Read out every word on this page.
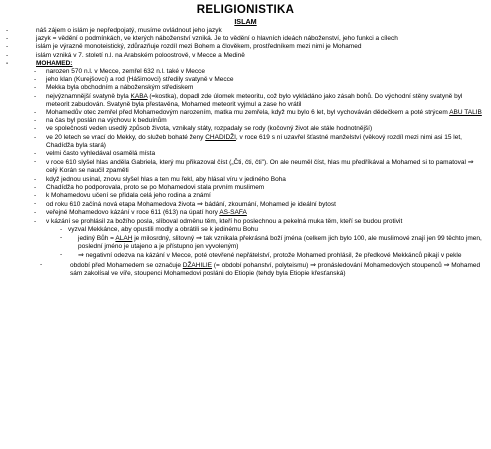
RELIGIONISTIKA
ISLAM
-	náš zájem o islám je nepředpojatý, musíme ovládnout jeho jazyk
-	jazyk = vědění o podmínkách, ve kterých náboženství vzniká. Je to vědění o hlavních ideách náboženství, jeho funkci a cílech
-	islám je výrazně monoteistický, zdůrazňuje rozdíl mezi Bohem a člověkem, prostředníkem mezi nimi je Mohamed
-	islám vzniká v 7. století n.l. na Arabském poloostrově, v Mecce a Medině
-	MOHAMED:
- narozen 570 n.l. v Mecce, zemřel 632 n.l. také v Mecce
- jeho klan (Kurejšovci) a rod (Hášimovci) středily svatyně v Mecce
- Mekka byla obchodním a náboženským střediskem
- nejvýznamnější svatyně byla KABA (=kostka), dopadl zde úlomek meteoritu, což bylo vykládáno jako zásah bohů. Do východní stěny svatyně byl meteorit zabudován. Svatyně byla přestavěna, Mohamed meteorit vyjmul a zase ho vrátil
- Mohamedův otec zemřel před Mohamedovým narozením, matka mu zemřela, když mu bylo 6 let, byl vychováván dědečkem a poté strýcem ABU TALIB
- na čas byl poslán na výchovu k beduínům
- ve společnosti veden usedlý způsob života, vznikaly státy, rozpadaly se rody (kočovný život ale stále hodnotnější)
- ve 20 letech se vrací do Mekky, do služeb bohaté ženy CHADIDŽI, v roce 619 s ní uzavřel šťastné manželství (věkový rozdíl mezi nimi asi 15 let, Chadídža byla stará)
- velmi často vyhledával osamělá místa
- v roce 610 slyšel hlas anděla Gabriela, který mu přikazoval číst („Čti, čti, čti"). On ale neuměl číst, hlas mu předříkával a Mohamed si to pamatoval ⇒ celý Korán se naučil zpaměti
- když jednou usínal, znovu slyšel hlas a ten mu řekl, aby hlásal víru v jediného Boha
- Chadídža ho podporovala, proto se po Mohamedovi stala prvním muslimem
- k Mohamedovu učení se přidala celá jeho rodina a známí
- od roku 610 začíná nová etapa Mohamedova života ⇒ bádání, zkoumání, Mohamed je ideální bytost
- veřejné Mohamedovo kázání v roce 611 (613) na úpatí hory AS-SAFA
- v kázání se prohlásil za božího posla, slíboval odměnu těm, kteří ho poslechnou a pekelná muka těm, kteří se budou protivit
- vyzval Mekkánce, aby opustili modly a obrátili se k jedinému Bohu
- jediný Bůh = ALAH je milosrdný, slitovný ⇒ tak vznikala překrásná boží jména (celkem jich bylo 100, ale muslimové znají jen 99 těchto jmen, poslední jméno je utajeno a je přístupno jen vyvoleným)
- ⇒ negativní odezva na kázání v Mecce, poté otevřené nepřátelství, protože Mohamed prohlásil, že předkové Mekkánců pikají v pekle
-	období před Mohamedem se označuje DŽAHILIE (= období pohanství, polyteismu) ⇒ pronásledování Mohamedových stoupenců ⇒ Mohamed sám zakolísal ve víře, stoupenci Mohamedovi posláni do Etiopie (tehdy byla Etiopie křesťanská)
